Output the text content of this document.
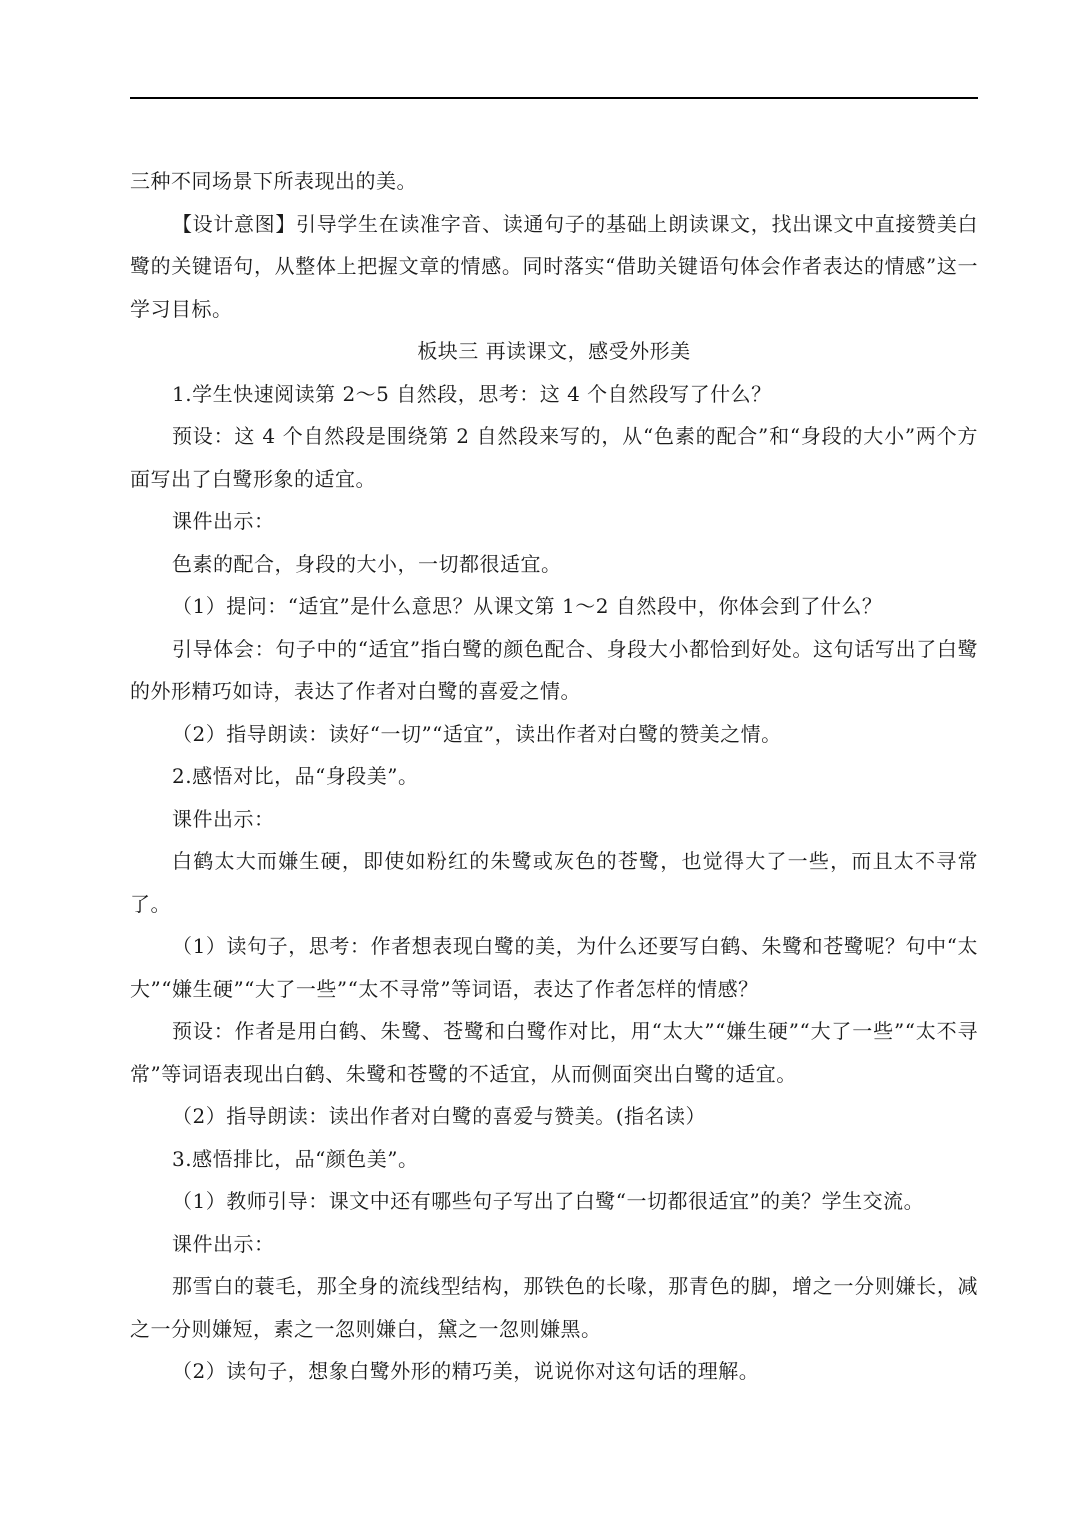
三种不同场景下所表现出的美。

【设计意图】引导学生在读准字音、读通句子的基础上朗读课文，找出课文中直接赞美白鹭的关键语句，从整体上把握文章的情感。同时落实“借助关键语句体会作者表达的情感”这一学习目标。

板块三 再读课文，感受外形美

1.学生快速阅读第 2～5 自然段，思考：这 4 个自然段写了什么？

预设：这 4 个自然段是围绕第 2 自然段来写的，从“色素的配合”和“身段的大小”两个方面写出了白鹭形象的适宜。

课件出示：

色素的配合，身段的大小，一切都很适宜。

（1）提问：“适宜”是什么意思？从课文第 1～2 自然段中，你体会到了什么？

引导体会：句子中的“适宜”指白鹭的颜色配合、身段大小都恰到好处。这句话写出了白鹭的外形精巧如诗，表达了作者对白鹭的喜爱之情。

（2）指导朗读：读好“一切”“适宜”，读出作者对白鹭的赞美之情。

2.感悟对比，品“身段美”。

课件出示：

白鹤太大而嫌生硬，即使如粉红的朱鹭或灰色的苍鹭，也觉得大了一些，而且太不寻常了。

（1）读句子，思考：作者想表现白鹭的美，为什么还要写白鹤、朱鹭和苍鹭呢？句中“太大”“嫌生硬”“大了一些”“太不寻常”等词语，表达了作者怎样的情感？

预设：作者是用白鹤、朱鹭、苍鹭和白鹭作对比，用“太大”“嫌生硬”“大了一些”“太不寻常”等词语表现出白鹤、朱鹭和苍鹭的不适宜，从而侧面突出白鹭的适宜。

（2）指导朗读：读出作者对白鹭的喜爱与赞美。(指名读）

3.感悟排比，品“颜色美”。

（1）教师引导：课文中还有哪些句子写出了白鹭“一切都很适宜”的美？学生交流。

课件出示：

那雪白的蓑毛，那全身的流线型结构，那铁色的长喙，那青色的脚，增之一分则嫌长，减之一分则嫌短，素之一忽则嫌白，黛之一忽则嫌黑。

（2）读句子，想象白鹭外形的精巧美，说说你对这句话的理解。
